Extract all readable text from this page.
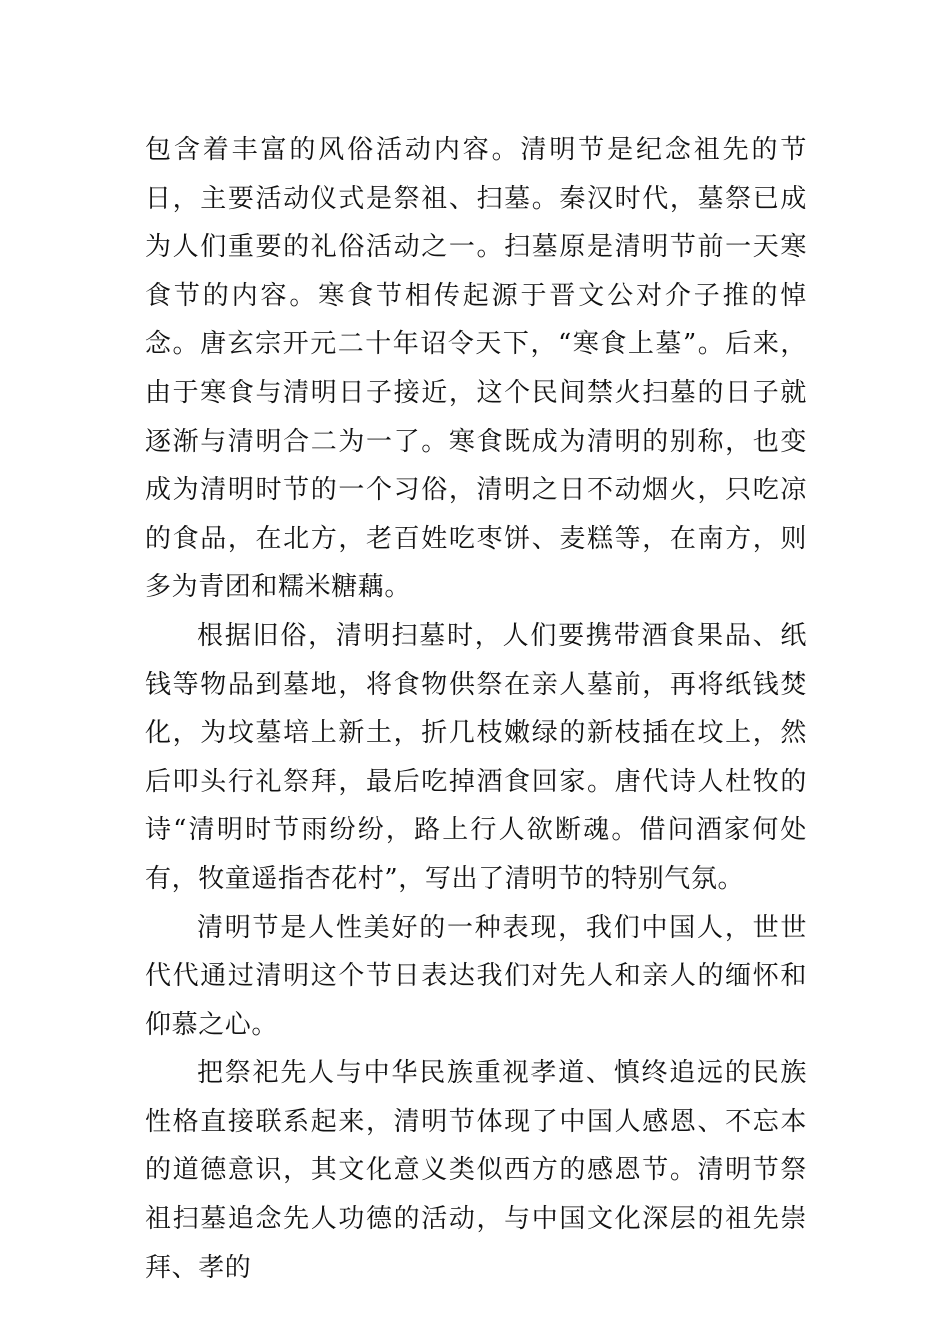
包含着丰富的风俗活动内容。清明节是纪念祖先的节日，主要活动仪式是祭祖、扫墓。秦汉时代，墓祭已成为人们重要的礼俗活动之一。扫墓原是清明节前一天寒食节的内容。寒食节相传起源于晋文公对介子推的悼念。唐玄宗开元二十年诏令天下，“寒食上墓”。后来，由于寒食与清明日子接近，这个民间禁火扫墓的日子就逐渐与清明合二为一了。寒食既成为清明的别称，也变成为清明时节的一个习俗，清明之日不动烟火，只吃凉的食品，在北方，老百姓吃枣饼、麦糕等，在南方，则多为青团和糯米糖藕。

根据旧俗，清明扫墓时，人们要携带酒食果品、纸钱等物品到墓地，将食物供祭在亲人墓前，再将纸钱焚化，为坟墓培上新土，折几枝嫩绿的新枝插在坟上，然后叩头行礼祭拜，最后吃掉酒食回家。唐代诗人杜牧的诗“清明时节雨纷纷，路上行人欲断魂。借问酒家何处有，牧童遥指杏花村”，写出了清明节的特别气氛。

清明节是人性美好的一种表现，我们中国人，世世代代通过清明这个节日表达我们对先人和亲人的缅怀和仰慕之心。

把祭祀先人与中华民族重视孝道、慎终追远的民族性格直接联系起来，清明节体现了中国人感恩、不忘本的道德意识，其文化意义类似西方的感恩节。清明节祭祖扫墓追念先人功德的活动，与中国文化深层的祖先崇拜、孝的
